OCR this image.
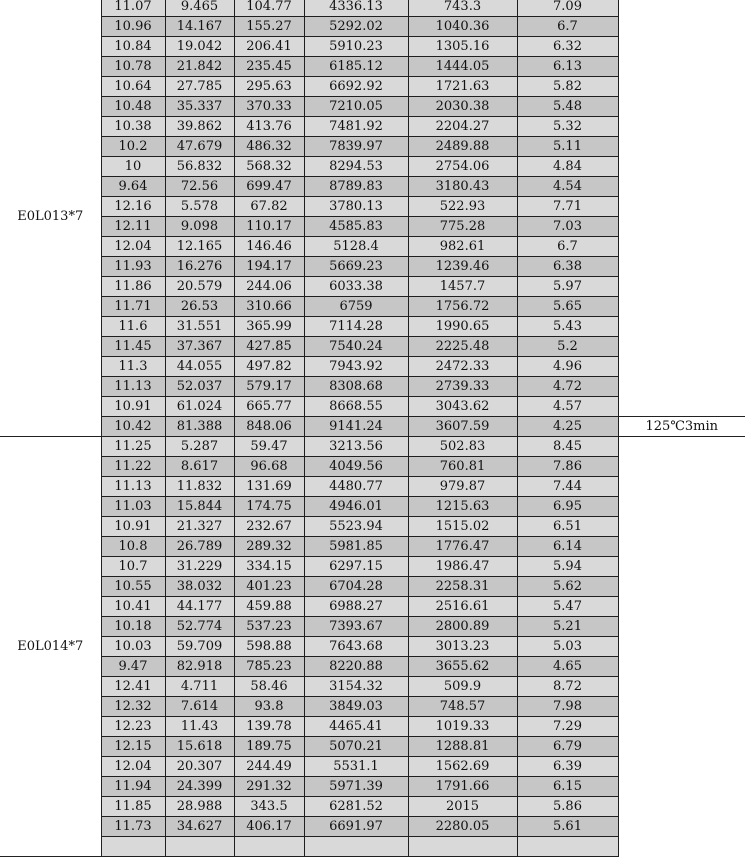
E0L013*7	11.07	9.465	104.77	4336.13	743.3	7.09	
	10.96	14.167	155.27	5292.02	1040.36	6.7	
	10.84	19.042	206.41	5910.23	1305.16	6.32	
	10.78	21.842	235.45	6185.12	1444.05	6.13	
	10.64	27.785	295.63	6692.92	1721.63	5.82	
	10.48	35.337	370.33	7210.05	2030.38	5.48	
	10.38	39.862	413.76	7481.92	2204.27	5.32	
	10.2	47.679	486.32	7839.97	2489.88	5.11	
	10	56.832	568.32	8294.53	2754.06	4.84	
	9.64	72.56	699.47	8789.83	3180.43	4.54	
	12.16	5.578	67.82	3780.13	522.93	7.71	
	12.11	9.098	110.17	4585.83	775.28	7.03	
	12.04	12.165	146.46	5128.4	982.61	6.7	
	11.93	16.276	194.17	5669.23	1239.46	6.38	
	11.86	20.579	244.06	6033.38	1457.7	5.97	
	11.71	26.53	310.66	6759	1756.72	5.65	
	11.6	31.551	365.99	7114.28	1990.65	5.43	
	11.45	37.367	427.85	7540.24	2225.48	5.2	
	11.3	44.055	497.82	7943.92	2472.33	4.96	
	11.13	52.037	579.17	8308.68	2739.33	4.72	
	10.91	61.024	665.77	8668.55	3043.62	4.57	
	10.42	81.388	848.06	9141.24	3607.59	4.25	125℃3min
E0L014*7	11.25	5.287	59.47	3213.56	502.83	8.45	
	11.22	8.617	96.68	4049.56	760.81	7.86	
	11.13	11.832	131.69	4480.77	979.87	7.44	
	11.03	15.844	174.75	4946.01	1215.63	6.95	
	10.91	21.327	232.67	5523.94	1515.02	6.51	
	10.8	26.789	289.32	5981.85	1776.47	6.14	
	10.7	31.229	334.15	6297.15	1986.47	5.94	
	10.55	38.032	401.23	6704.28	2258.31	5.62	
	10.41	44.177	459.88	6988.27	2516.61	5.47	
	10.18	52.774	537.23	7393.67	2800.89	5.21	
	10.03	59.709	598.88	7643.68	3013.23	5.03	
	9.47	82.918	785.23	8220.88	3655.62	4.65	
	12.41	4.711	58.46	3154.32	509.9	8.72	
	12.32	7.614	93.8	3849.03	748.57	7.98	
	12.23	11.43	139.78	4465.41	1019.33	7.29	
	12.15	15.618	189.75	5070.21	1288.81	6.79	
	12.04	20.307	244.49	5531.1	1562.69	6.39	
	11.94	24.399	291.32	5971.39	1791.66	6.15	
	11.85	28.988	343.5	6281.52	2015	5.86	
	11.73	34.627	406.17	6691.97	2280.05	5.61	
